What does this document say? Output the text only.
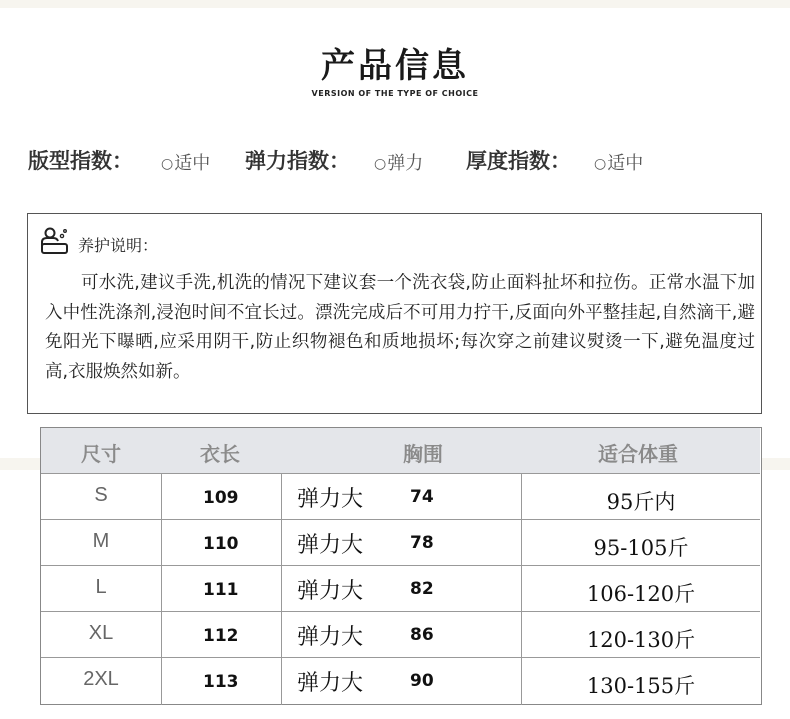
产品信息
VERSION OF THE TYPE OF CHOICE
版型指数： ○适中 弹力指数： ○弹力 厚度指数： ○适中
养护说明：
可水洗,建议手洗,机洗的情况下建议套一个洗衣袋,防止面料扯坏和拉伤。正常水温下加入中性洗涤剂,浸泡时间不宜长过。漂洗完成后不可用力拧干,反面向外平整挂起,自然滴干,避免阳光下曝晒,应采用阴干,防止织物褪色和质地损坏;每次穿之前建议熨烫一下,避免温度过高,衣服焕然如新。
尺寸	衣长	胸围	适合体重
S	109	弹力大	74	95斤内
M	110	弹力大	78	95-105斤
L	111	弹力大	82	106-120斤
XL	112	弹力大	86	120-130斤
2XL	113	弹力大	90	130-155斤
